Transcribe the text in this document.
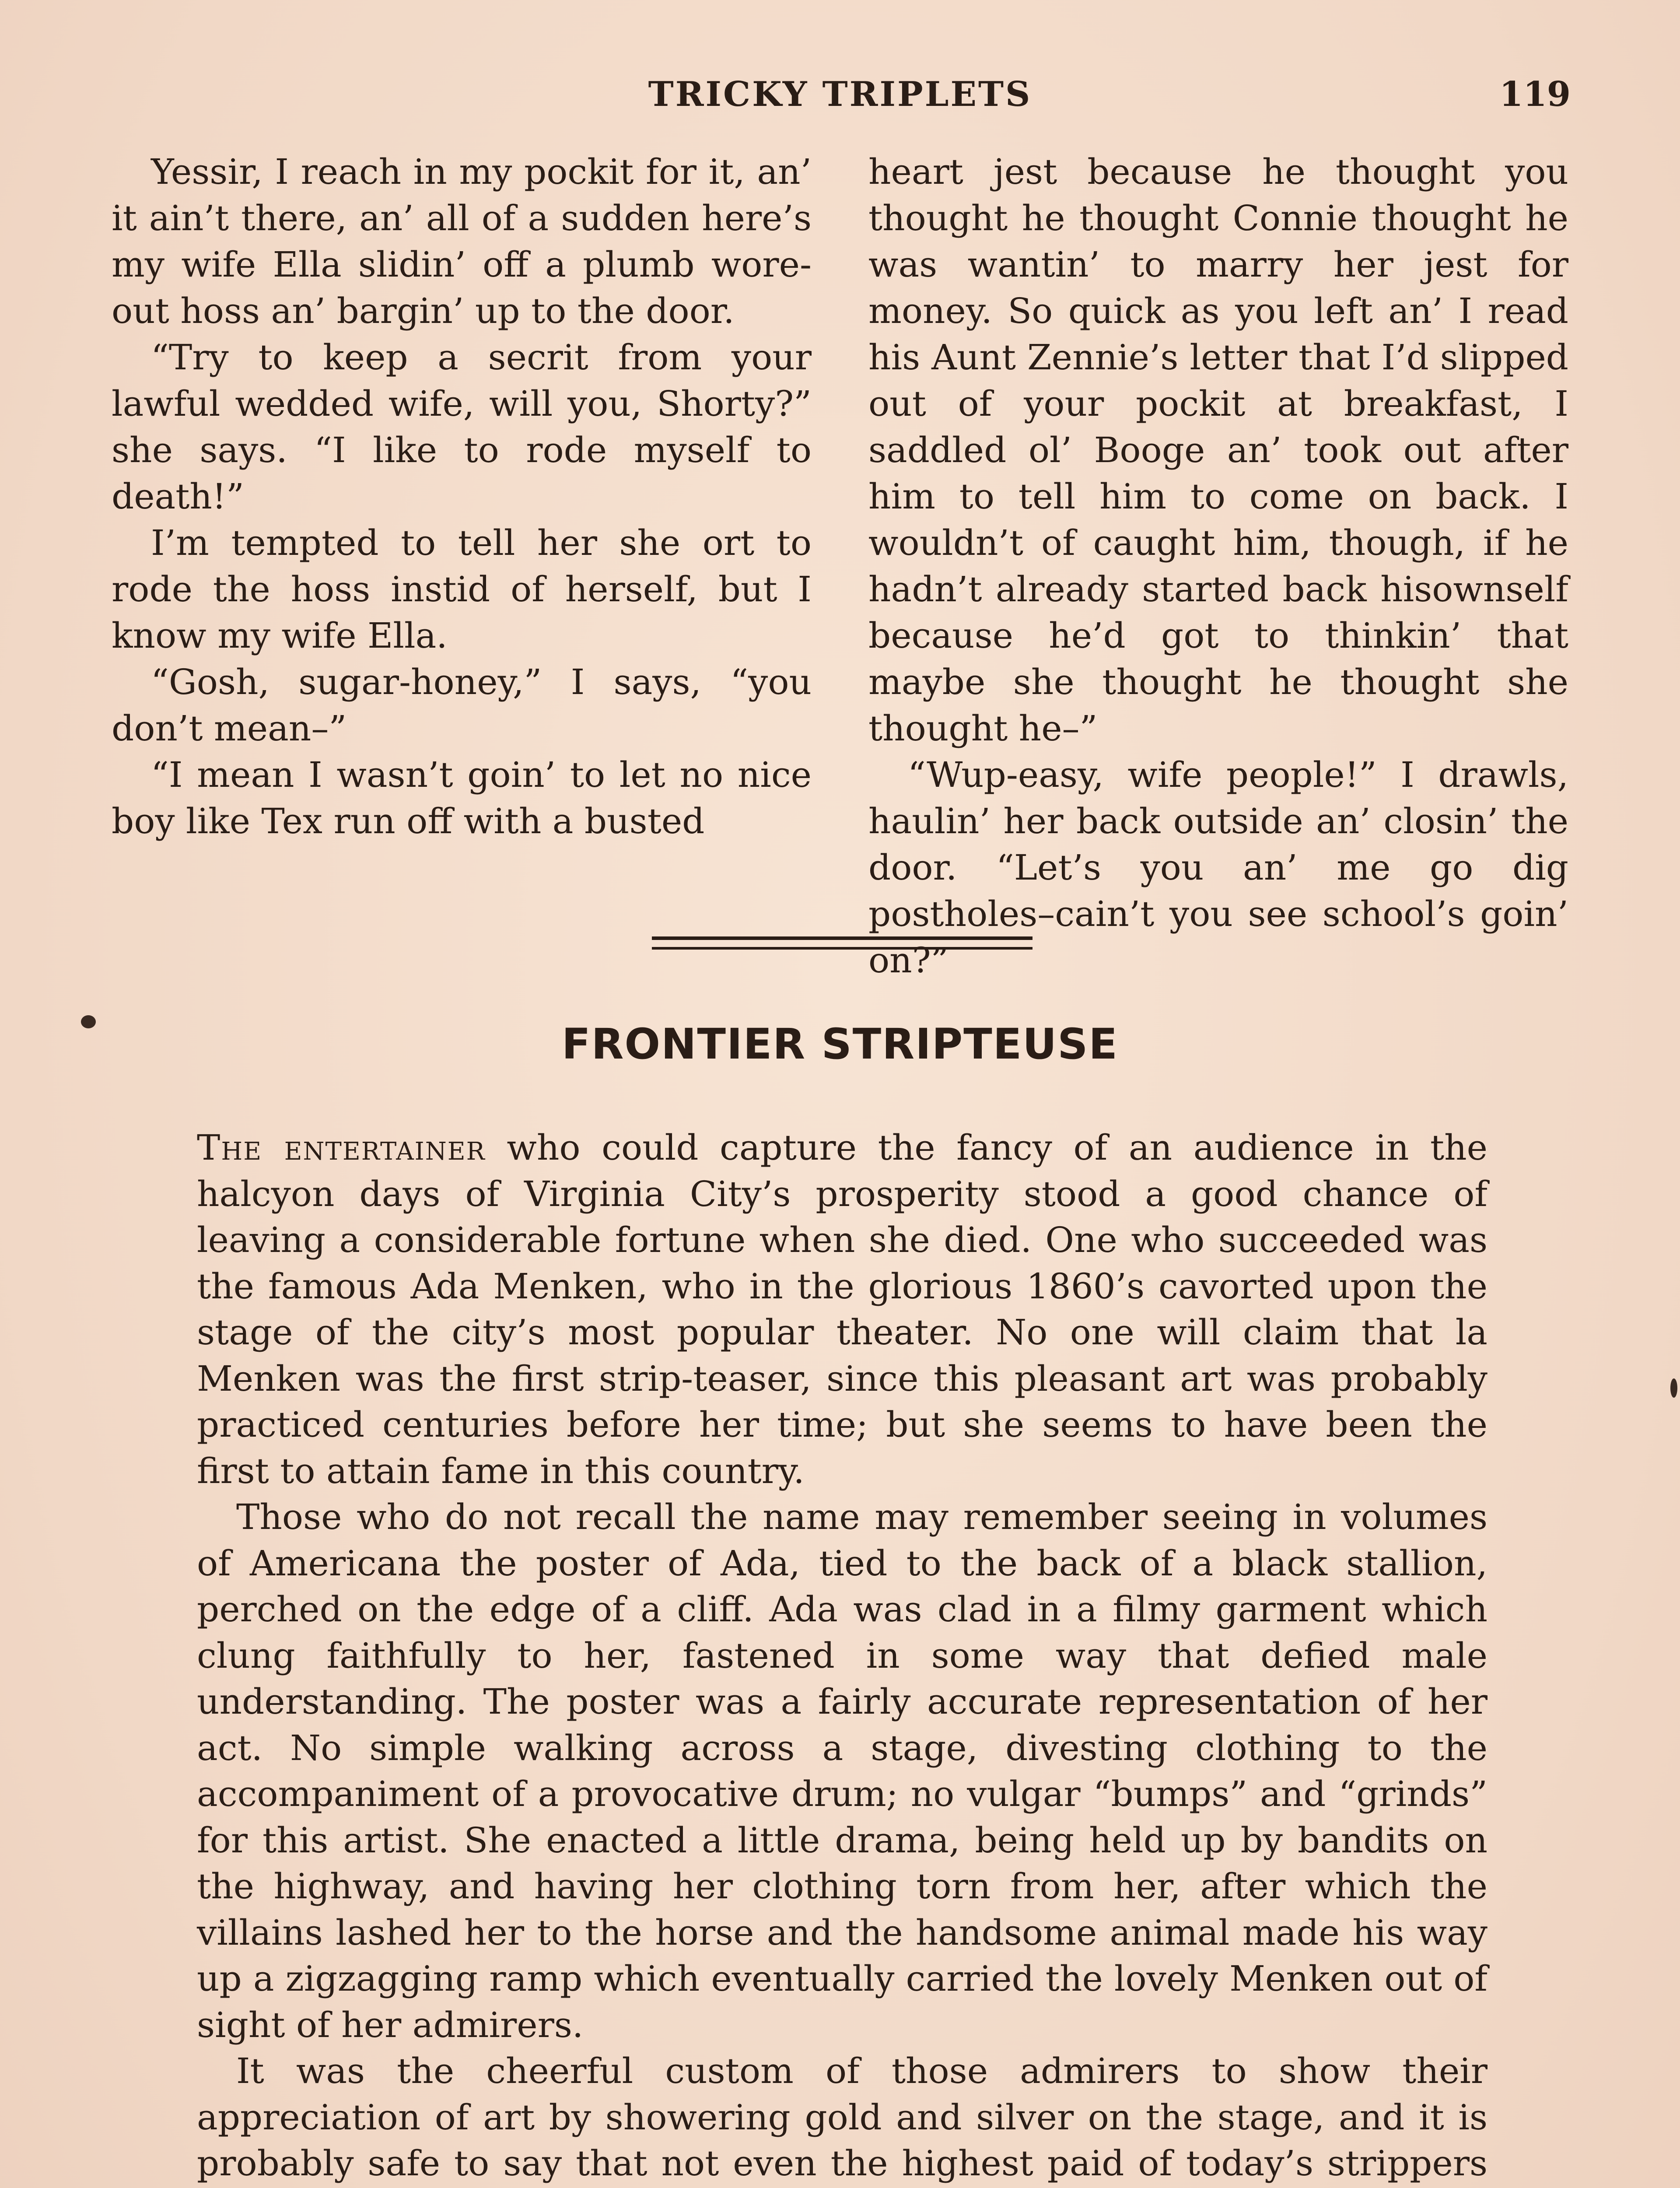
TRICKY TRIPLETS	119

Yessir, I reach in my pockit for it, an’ it ain’t there, an’ all of a sudden here’s my wife Ella slidin’ off a plumb wore-out hoss an’ bargin’ up to the door.

“Try to keep a secrit from your lawful wedded wife, will you, Shorty?” she says. “I like to rode myself to death!”

I’m tempted to tell her she ort to rode the hoss instid of herself, but I know my wife Ella.

“Gosh, sugar-honey,” I says, “you don’t mean–”

“I mean I wasn’t goin’ to let no nice boy like Tex run off with a busted

heart jest because he thought you thought he thought Connie thought he was wantin’ to marry her jest for money. So quick as you left an’ I read his Aunt Zennie’s letter that I’d slipped out of your pockit at breakfast, I saddled ol’ Booge an’ took out after him to tell him to come on back. I wouldn’t of caught him, though, if he hadn’t already started back hisownself because he’d got to thinkin’ that maybe she thought he thought she thought he–”

“Wup-easy, wife people!” I drawls, haulin’ her back outside an’ closin’ the door. “Let’s you an’ me go dig postholes–cain’t you see school’s goin’ on?”

FRONTIER STRIPTEUSE

The entertainer who could capture the fancy of an audience in the halcyon days of Virginia City’s prosperity stood a good chance of leaving a considerable fortune when she died. One who succeeded was the famous Ada Menken, who in the glorious 1860’s cavorted upon the stage of the city’s most popular theater. No one will claim that la Menken was the first strip-teaser, since this pleasant art was probably practiced centuries before her time; but she seems to have been the first to attain fame in this country.

Those who do not recall the name may remember seeing in volumes of Americana the poster of Ada, tied to the back of a black stallion, perched on the edge of a cliff. Ada was clad in a filmy garment which clung faithfully to her, fastened in some way that defied male understanding. The poster was a fairly accurate representation of her act. No simple walking across a stage, divesting clothing to the accompaniment of a provocative drum; no vulgar “bumps” and “grinds” for this artist. She enacted a little drama, being held up by bandits on the highway, and having her clothing torn from her, after which the villains lashed her to the horse and the handsome animal made his way up a zigzagging ramp which eventually carried the lovely Menken out of sight of her admirers.

It was the cheerful custom of those admirers to show their appreciation of art by showering gold and silver on the stage, and it is probably safe to say that not even the highest paid of today’s strippers
